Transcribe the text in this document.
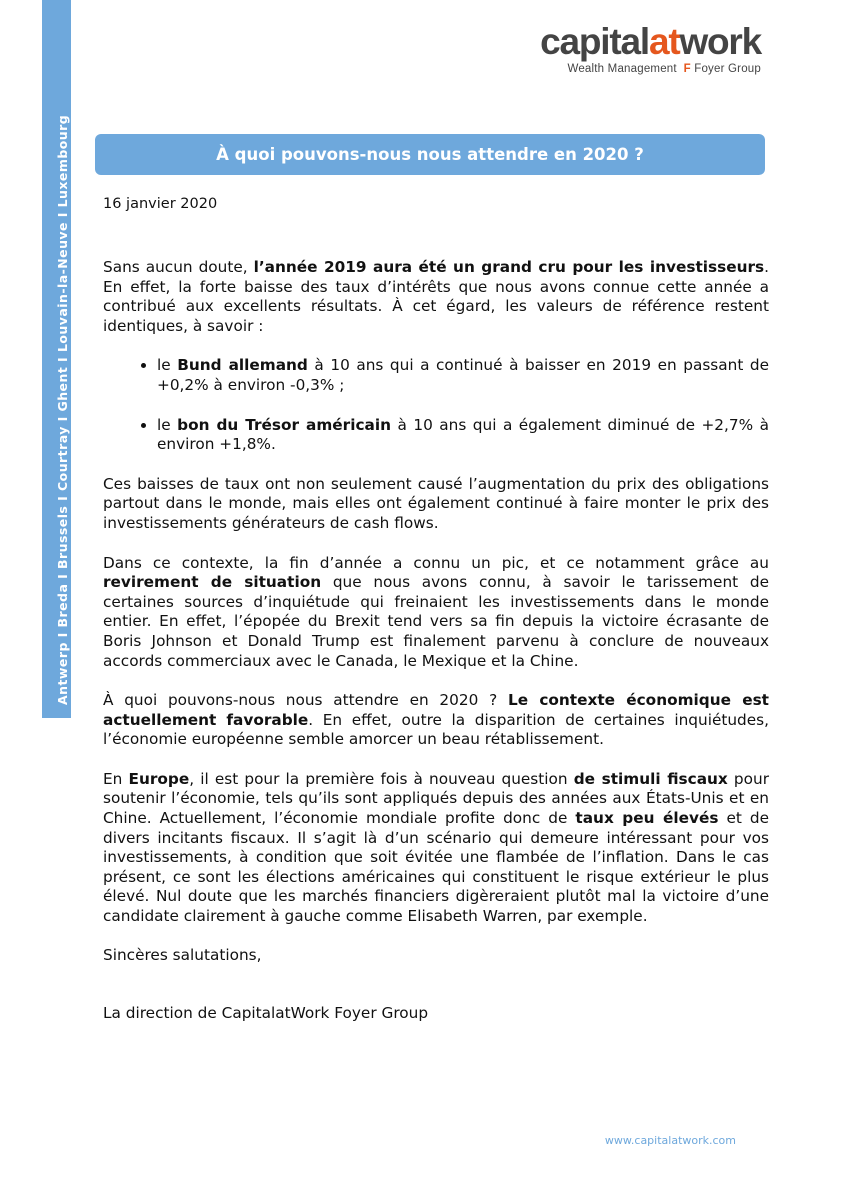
Antwerp I Breda I Brussels I Courtray I Ghent I Louvain-la-Neuve I Luxembourg
capitalatwork
Wealth Management F Foyer Group
À quoi pouvons-nous nous attendre en 2020 ?
16 janvier 2020

Sans aucun doute, l’année 2019 aura été un grand cru pour les investisseurs. En effet, la forte baisse des taux d’intérêts que nous avons connue cette année a contribué aux excellents résultats. À cet égard, les valeurs de référence restent identiques, à savoir :

• le Bund allemand à 10 ans qui a continué à baisser en 2019 en passant de +0,2% à environ -0,3% ;
• le bon du Trésor américain à 10 ans qui a également diminué de +2,7% à environ +1,8%.

Ces baisses de taux ont non seulement causé l’augmentation du prix des obligations partout dans le monde, mais elles ont également continué à faire monter le prix des investissements générateurs de cash flows.

Dans ce contexte, la fin d’année a connu un pic, et ce notamment grâce au revirement de situation que nous avons connu, à savoir le tarissement de certaines sources d’inquiétude qui freinaient les investissements dans le monde entier. En effet, l’épopée du Brexit tend vers sa fin depuis la victoire écrasante de Boris Johnson et Donald Trump est finalement parvenu à conclure de nouveaux accords commerciaux avec le Canada, le Mexique et la Chine.

À quoi pouvons-nous nous attendre en 2020 ? Le contexte économique est actuellement favorable. En effet, outre la disparition de certaines inquiétudes, l’économie européenne semble amorcer un beau rétablissement.

En Europe, il est pour la première fois à nouveau question de stimuli fiscaux pour soutenir l’économie, tels qu’ils sont appliqués depuis des années aux États-Unis et en Chine. Actuellement, l’économie mondiale profite donc de taux peu élevés et de divers incitants fiscaux. Il s’agit là d’un scénario qui demeure intéressant pour vos investissements, à condition que soit évitée une flambée de l’inflation. Dans le cas présent, ce sont les élections américaines qui constituent le risque extérieur le plus élevé. Nul doute que les marchés financiers digèreraient plutôt mal la victoire d’une candidate clairement à gauche comme Elisabeth Warren, par exemple.

Sincères salutations,
La direction de CapitalatWork Foyer Group
www.capitalatwork.com
